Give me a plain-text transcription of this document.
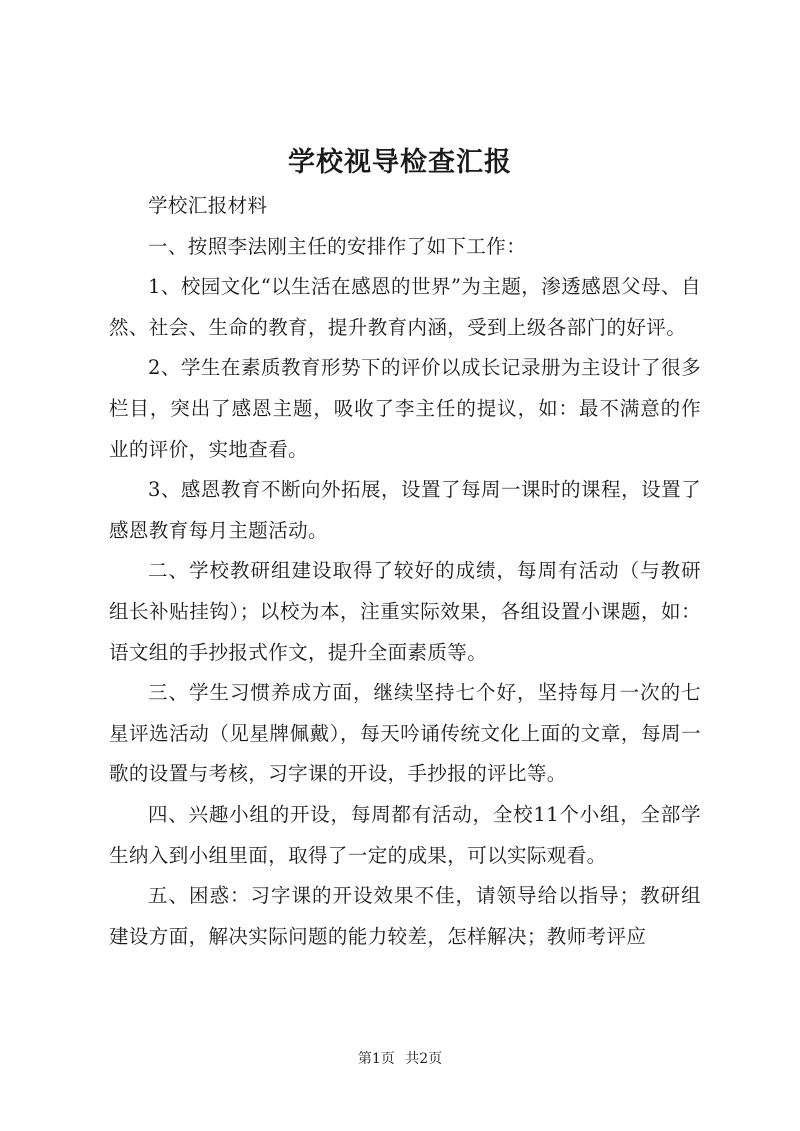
学校视导检查汇报

学校汇报材料

一、按照李法刚主任的安排作了如下工作：

1、校园文化“以生活在感恩的世界”为主题，渗透感恩父母、自然、社会、生命的教育，提升教育内涵，受到上级各部门的好评。

2、学生在素质教育形势下的评价以成长记录册为主设计了很多栏目，突出了感恩主题，吸收了李主任的提议，如：最不满意的作业的评价，实地查看。

3、感恩教育不断向外拓展，设置了每周一课时的课程，设置了感恩教育每月主题活动。

二、学校教研组建设取得了较好的成绩，每周有活动（与教研组长补贴挂钩）；以校为本，注重实际效果，各组设置小课题，如：语文组的手抄报式作文，提升全面素质等。

三、学生习惯养成方面，继续坚持七个好，坚持每月一次的七星评选活动（见星牌佩戴），每天吟诵传统文化上面的文章，每周一歌的设置与考核，习字课的开设，手抄报的评比等。

四、兴趣小组的开设，每周都有活动，全校11个小组，全部学生纳入到小组里面，取得了一定的成果，可以实际观看。

五、困惑：习字课的开设效果不佳，请领导给以指导；教研组建设方面，解决实际问题的能力较差，怎样解决；教师考评应

第1页 共2页
